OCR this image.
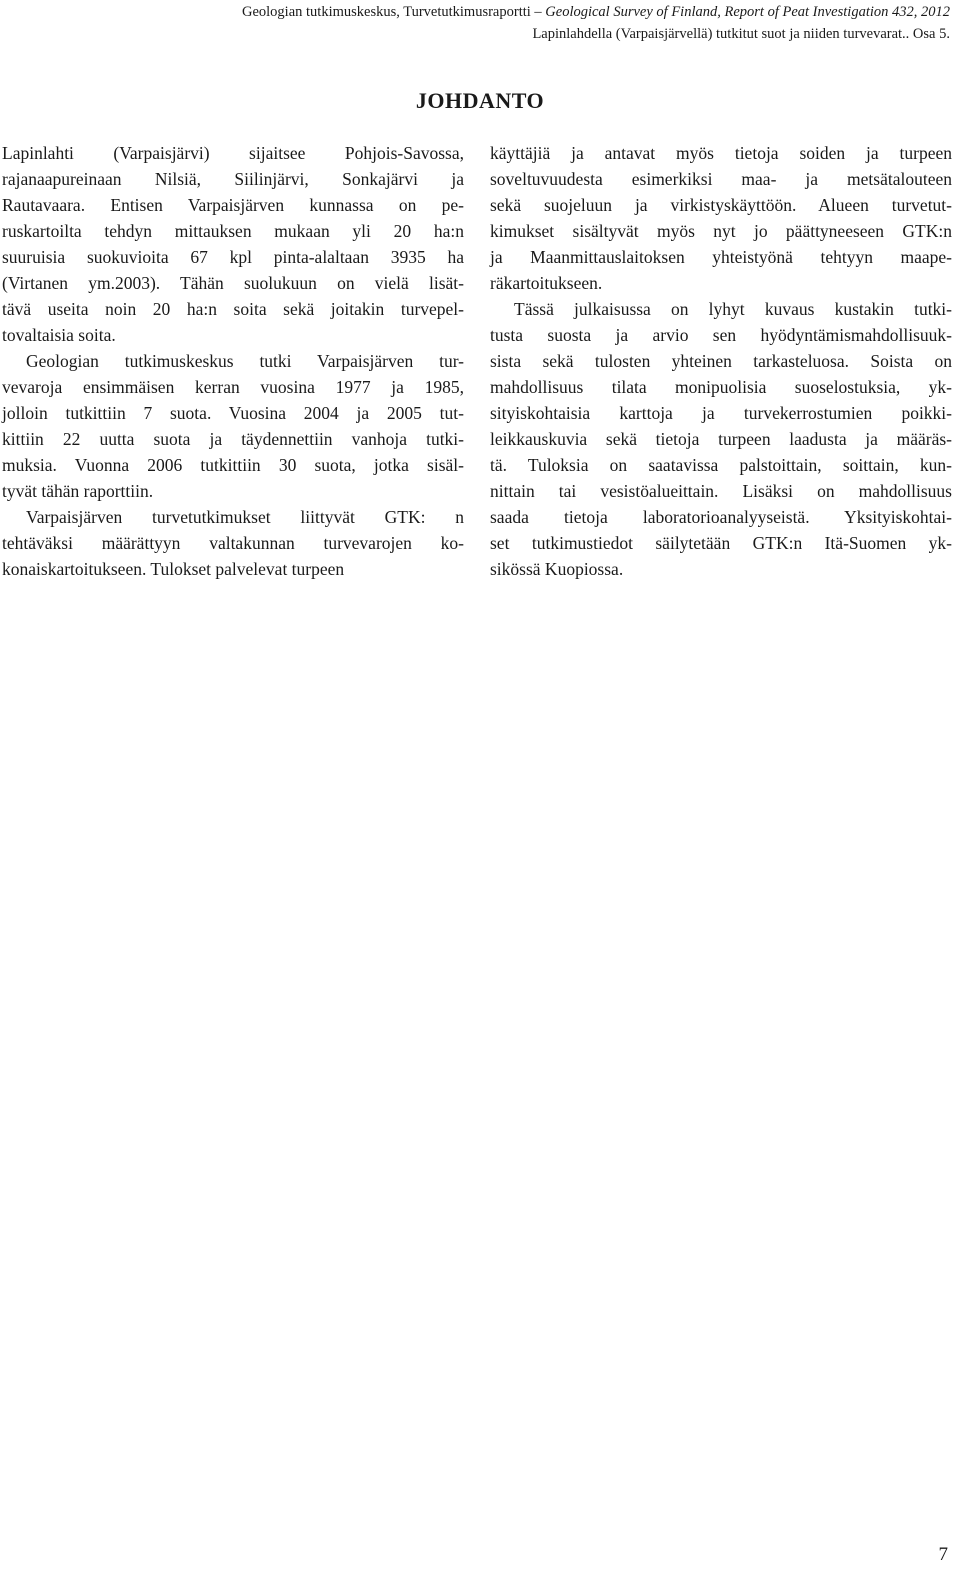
Geologian tutkimuskeskus, Turvetutkimusraportti – Geological Survey of Finland, Report of Peat Investigation 432, 2012
Lapinlahdella (Varpaisjärvellä) tutkitut suot ja niiden turvevarat.. Osa 5.
JOHDANTO

Lapinlahti (Varpaisjärvi) sijaitsee Pohjois-Savossa,
rajanaapureinaan Nilsiä, Siilinjärvi, Sonkajärvi ja
Rautavaara. Entisen Varpaisjärven kunnassa on pe-
ruskartoilta tehdyn mittauksen mukaan yli 20 ha:n
suuruisia suokuvioita 67 kpl pinta-alaltaan 3935 ha
(Virtanen ym.2003). Tähän suolukuun on vielä lisät-
tävä useita noin 20 ha:n soita sekä joitakin turvepel-
tovaltaisia soita.

Geologian tutkimuskeskus tutki Varpaisjärven tur-
vevaroja ensimmäisen kerran vuosina 1977 ja 1985,
jolloin tutkittiin 7 suota. Vuosina 2004 ja 2005 tut-
kittiin 22 uutta suota ja täydennettiin vanhoja tutki-
muksia. Vuonna 2006 tutkittiin 30 suota, jotka sisäl-
tyvät tähän raporttiin.

Varpaisjärven turvetutkimukset liittyvät GTK: n
tehtäväksi määrättyyn valtakunnan turvevarojen ko-
konaiskartoitukseen. Tulokset palvelevat turpeen

käyttäjiä ja antavat myös tietoja soiden ja turpeen
soveltuvuudesta esimerkiksi maa- ja metsätalouteen
sekä suojeluun ja virkistyskäyttöön. Alueen turvetut-
kimukset sisältyvät myös nyt jo päättyneeseen GTK:n
ja Maanmittauslaitoksen yhteistyönä tehtyyn maape-
räkartoitukseen.

Tässä julkaisussa on lyhyt kuvaus kustakin tutki-
tusta suosta ja arvio sen hyödyntämismahdollisuuk-
sista sekä tulosten yhteinen tarkasteluosa. Soista on
mahdollisuus tilata monipuolisia suoselostuksia, yk-
sityiskohtaisia karttoja ja turvekerrostumien poikki-
leikkauskuvia sekä tietoja turpeen laadusta ja määräs-
tä. Tuloksia on saatavissa palstoittain, soittain, kun-
nittain tai vesistöalueittain. Lisäksi on mahdollisuus
saada tietoja laboratorioanalyyseistä. Yksityiskohtai-
set tutkimustiedot säilytetään GTK:n Itä-Suomen yk-
sikössä Kuopiossa.

7
